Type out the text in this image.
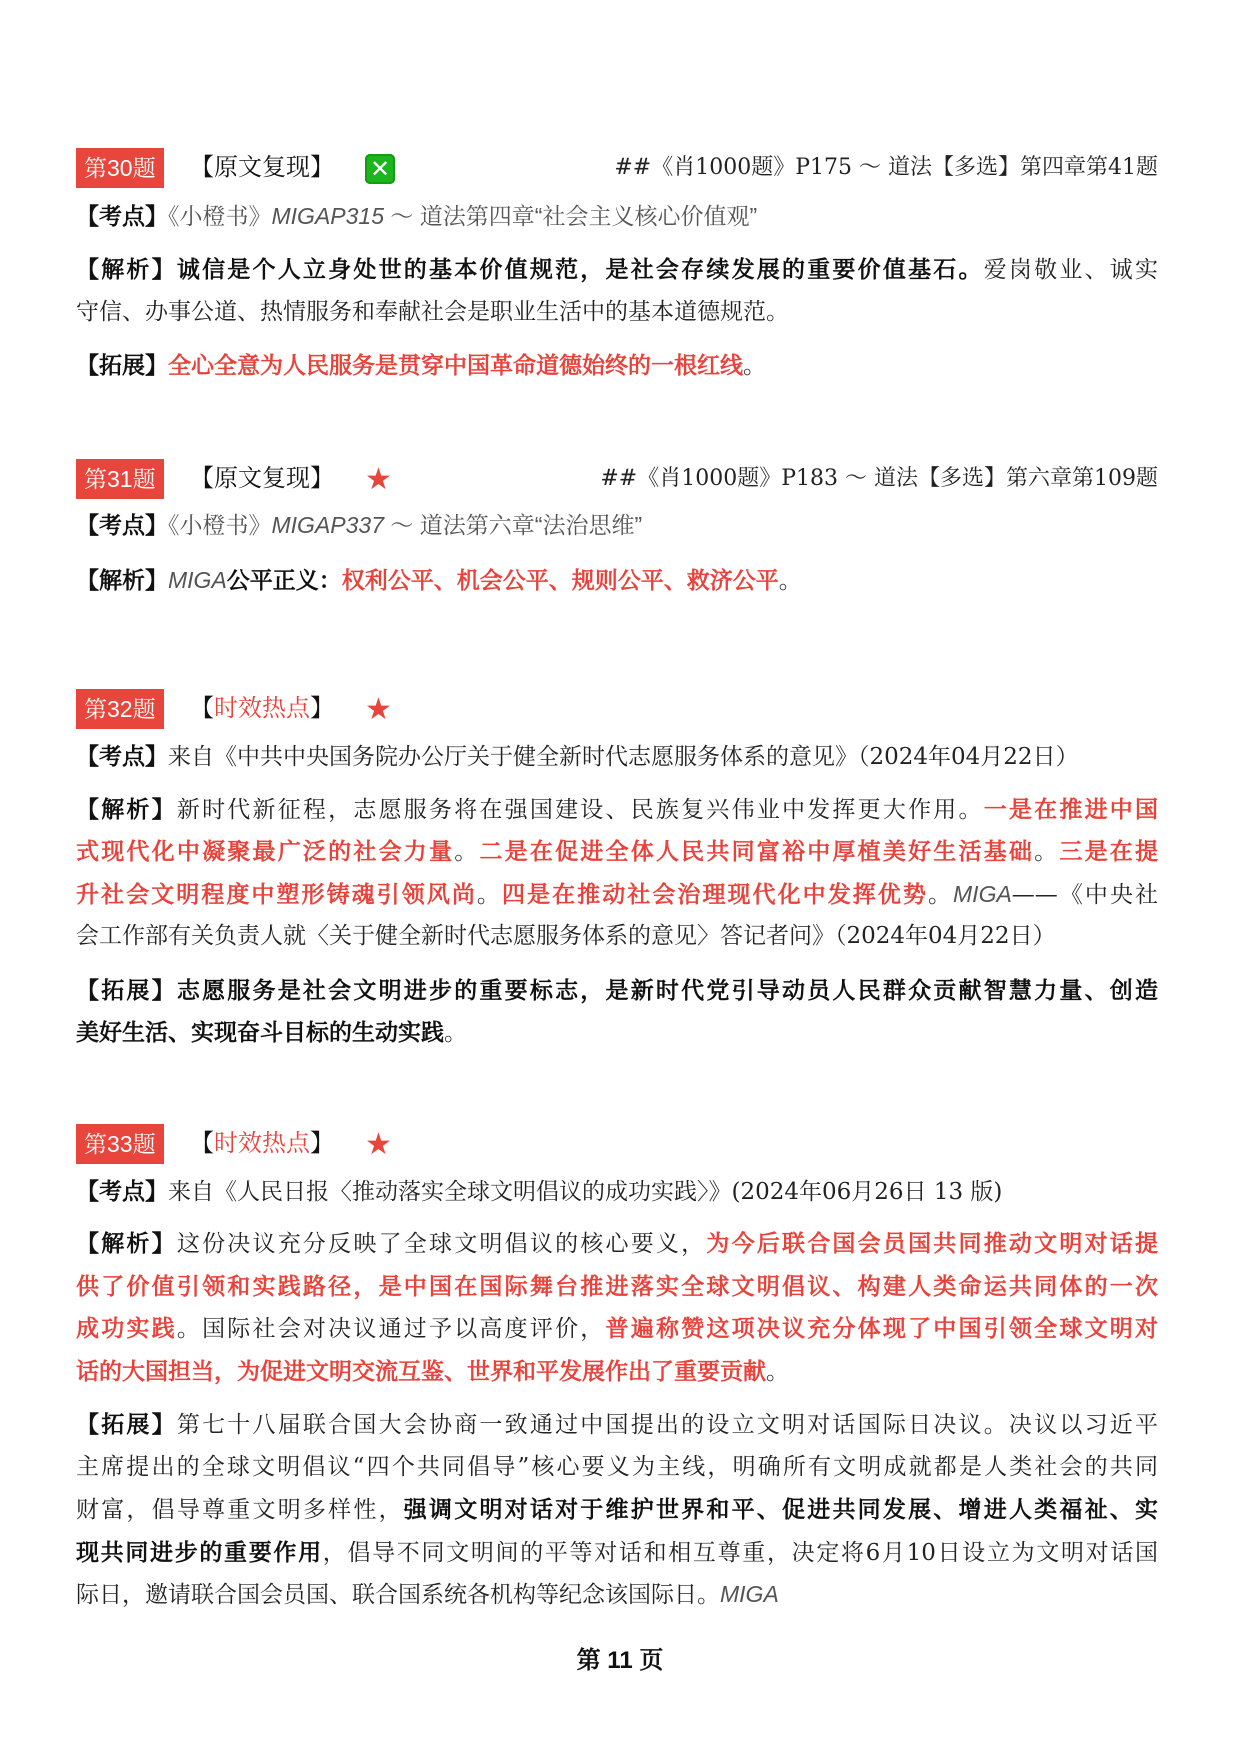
第30题	【原文复现】 ✕	##《肖1000题》P175 ～ 道法【多选】第四章第41题
【考点】《小橙书》MIGAP315 ～ 道法第四章“社会主义核心价值观”
【解析】诚信是个人立身处世的基本价值规范，是社会存续发展的重要价值基石。爱岗敬业、诚实
守信、办事公道、热情服务和奉献社会是职业生活中的基本道德规范。
【拓展】全心全意为人民服务是贯穿中国革命道德始终的一根红线。
第31题	【原文复现】 ★	##《肖1000题》P183 ～ 道法【多选】第六章第109题
【考点】《小橙书》MIGAP337 ～ 道法第六章“法治思维”
【解析】MIGA公平正义：权利公平、机会公平、规则公平、救济公平。
第32题	【时效热点】 ★
【考点】来自《中共中央国务院办公厅关于健全新时代志愿服务体系的意见》（2024年04月22日）
【解析】新时代新征程，志愿服务将在强国建设、民族复兴伟业中发挥更大作用。一是在推进中国
式现代化中凝聚最广泛的社会力量。二是在促进全体人民共同富裕中厚植美好生活基础。三是在提
升社会文明程度中塑形铸魂引领风尚。四是在推动社会治理现代化中发挥优势。MIGA——《中央社
会工作部有关负责人就〈关于健全新时代志愿服务体系的意见〉答记者问》（2024年04月22日）
【拓展】志愿服务是社会文明进步的重要标志，是新时代党引导动员人民群众贡献智慧力量、创造
美好生活、实现奋斗目标的生动实践。
第33题	【时效热点】 ★
【考点】来自《人民日报〈推动落实全球文明倡议的成功实践〉》(2024年06月26日 13 版)
【解析】这份决议充分反映了全球文明倡议的核心要义，为今后联合国会员国共同推动文明对话提
供了价值引领和实践路径，是中国在国际舞台推进落实全球文明倡议、构建人类命运共同体的一次
成功实践。国际社会对决议通过予以高度评价，普遍称赞这项决议充分体现了中国引领全球文明对
话的大国担当，为促进文明交流互鉴、世界和平发展作出了重要贡献。
【拓展】第七十八届联合国大会协商一致通过中国提出的设立文明对话国际日决议。决议以习近平
主席提出的全球文明倡议“四个共同倡导”核心要义为主线，明确所有文明成就都是人类社会的共同
财富，倡导尊重文明多样性，强调文明对话对于维护世界和平、促进共同发展、增进人类福祉、实
现共同进步的重要作用，倡导不同文明间的平等对话和相互尊重，决定将6月10日设立为文明对话国
际日，邀请联合国会员国、联合国系统各机构等纪念该国际日。MIGA
第 11 页
